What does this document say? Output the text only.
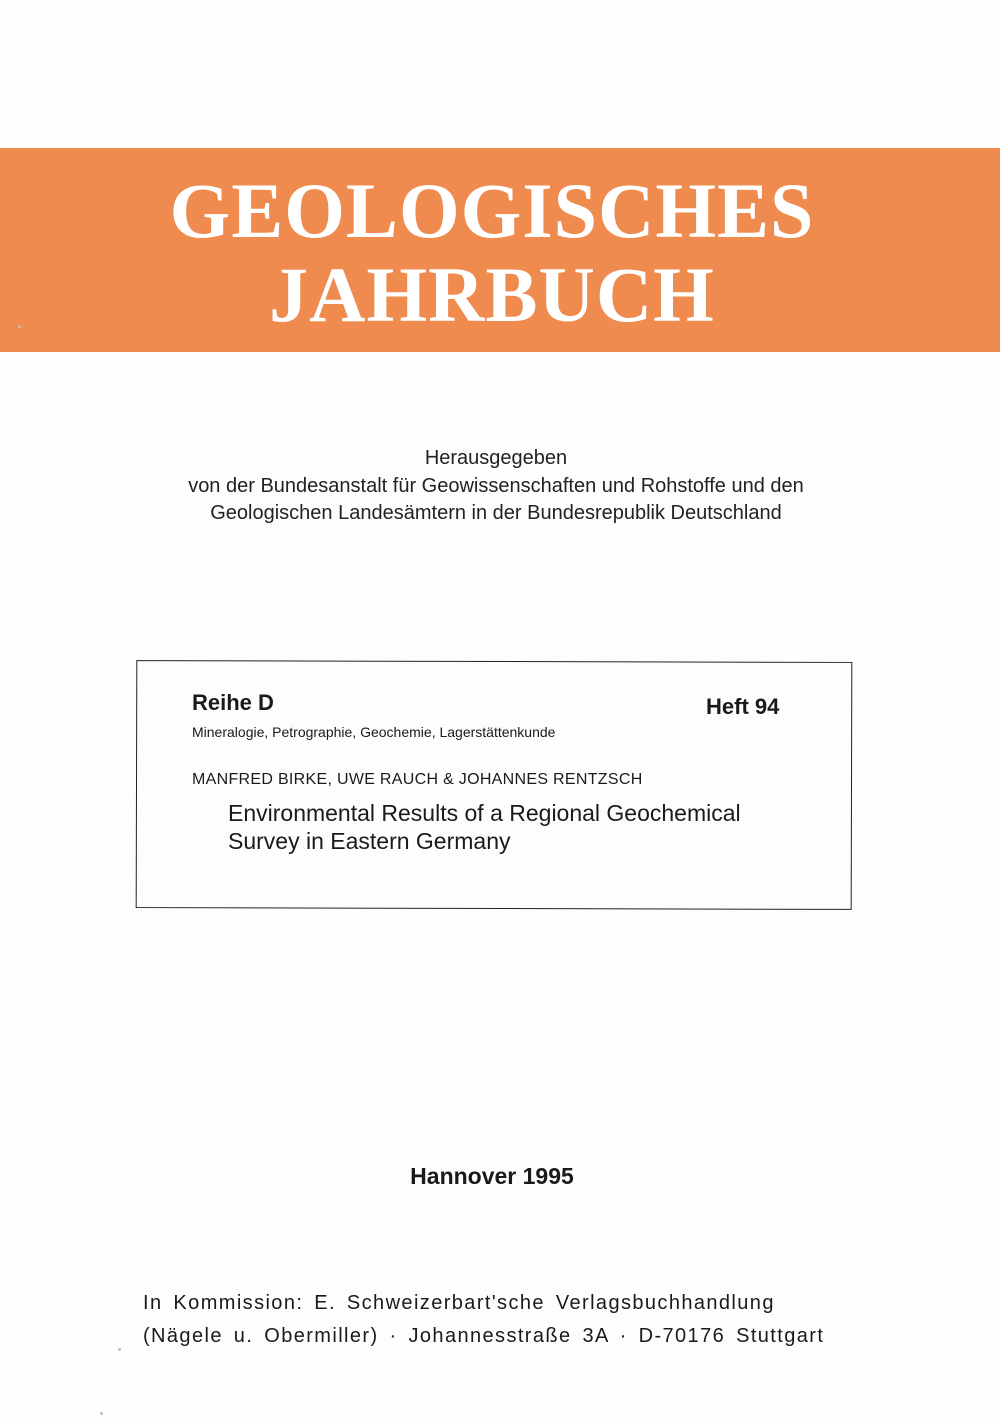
GEOLOGISCHES
JAHRBUCH
Herausgegeben
von der Bundesanstalt für Geowissenschaften und Rohstoffe und den
Geologischen Landesämtern in der Bundesrepublik Deutschland
Reihe D	Heft 94
Mineralogie, Petrographie, Geochemie, Lagerstättenkunde
MANFRED BIRKE, UWE RAUCH & JOHANNES RENTZSCH
Environmental Results of a Regional Geochemical
Survey in Eastern Germany
Hannover 1995
In Kommission: E. Schweizerbart'sche Verlagsbuchhandlung
(Nägele u. Obermiller) · Johannesstraße 3A · D-70176 Stuttgart
